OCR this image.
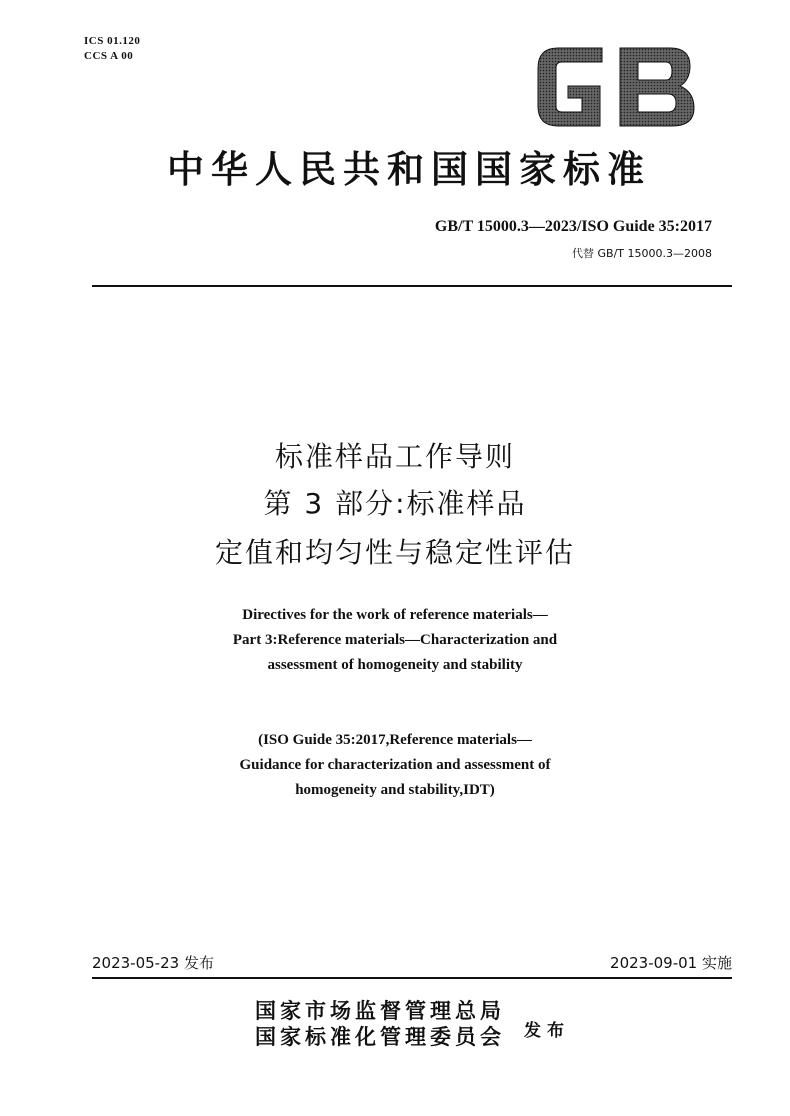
ICS 01.120
CCS A 00
中华人民共和国国家标准
GB/T 15000.3—2023/ISO Guide 35:2017
代替 GB/T 15000.3—2008
标准样品工作导则
第 3 部分:标准样品
定值和均匀性与稳定性评估
Directives for the work of reference materials—
Part 3:Reference materials—Characterization and
assessment of homogeneity and stability
(ISO Guide 35:2017,Reference materials—
Guidance for characterization and assessment of
homogeneity and stability,IDT)
2023-05-23 发布	2023-09-01 实施
国家市场监督管理总局
国家标准化管理委员会 发布
